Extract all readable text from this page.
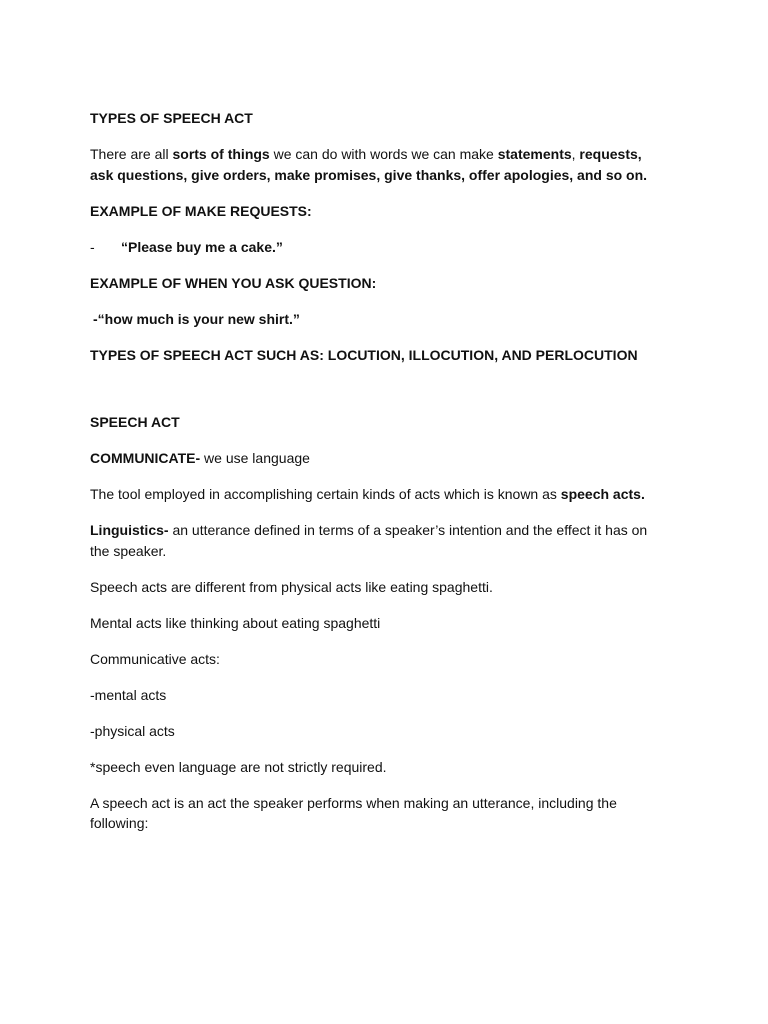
TYPES OF SPEECH ACT

There are all sorts of things we can do with words we can make statements, requests, ask questions, give orders, make promises, give thanks, offer apologies, and so on.

EXAMPLE OF MAKE REQUESTS:

-	“Please buy me a cake.”

EXAMPLE OF WHEN YOU ASK QUESTION:

-“how much is your new shirt.”

TYPES OF SPEECH ACT SUCH AS: LOCUTION, ILLOCUTION, AND PERLOCUTION

SPEECH ACT

COMMUNICATE- we use language

The tool employed in accomplishing certain kinds of acts which is known as speech acts.

Linguistics- an utterance defined in terms of a speaker’s intention and the effect it has on the speaker.

Speech acts are different from physical acts like eating spaghetti.

Mental acts like thinking about eating spaghetti

Communicative acts:

-mental acts

-physical acts

*speech even language are not strictly required.

A speech act is an act the speaker performs when making an utterance, including the following:
